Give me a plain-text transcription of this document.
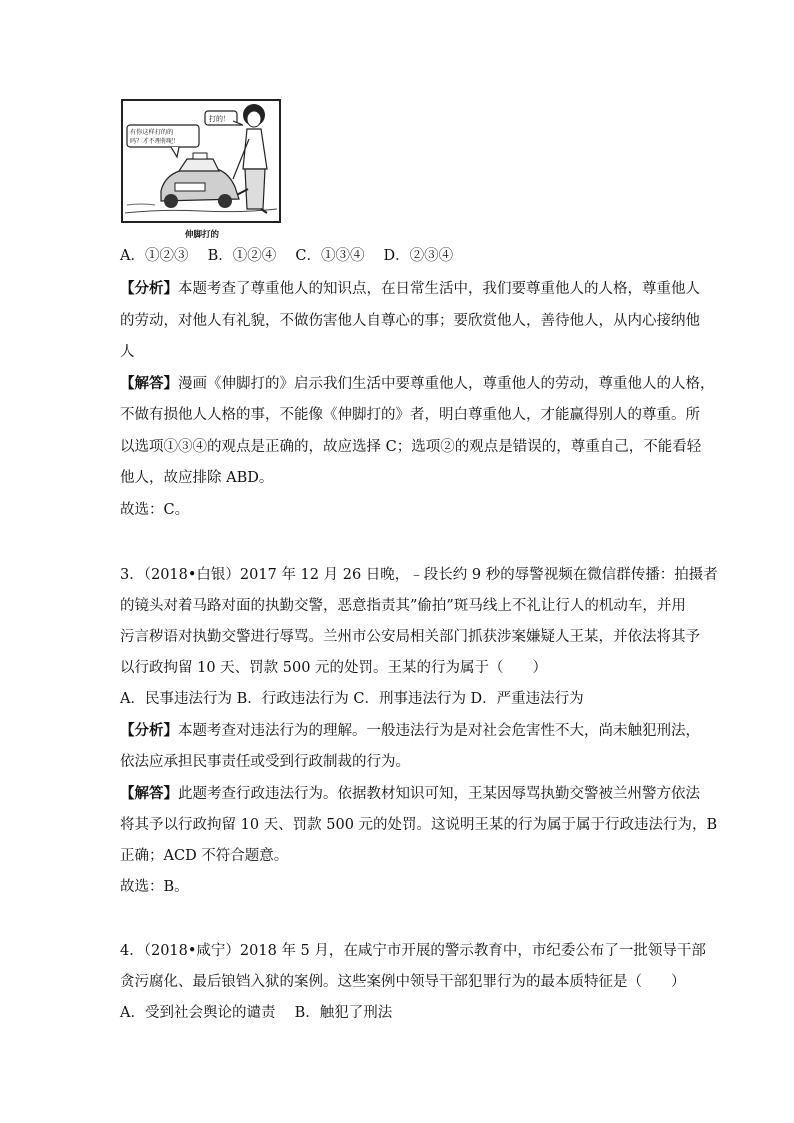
有你这样打的的
吗？才不理你呢！
打的！
伸脚打的
A．①②③　 B．①②④　 C．①③④　 D．②③④
【分析】本题考查了尊重他人的知识点，在日常生活中，我们要尊重他人的人格，尊重他人
的劳动，对他人有礼貌，不做伤害他人自尊心的事；要欣赏他人，善待他人，从内心接纳他
人
【解答】漫画《伸脚打的》启示我们生活中要尊重他人，尊重他人的劳动，尊重他人的人格，
不做有损他人人格的事，不能像《伸脚打的》者，明白尊重他人，才能赢得别人的尊重。所
以选项①③④的观点是正确的，故应选择 C；选项②的观点是错误的，尊重自己，不能看轻
他人，故应排除 ABD。
故选：C。
3．（2018•白银）2017 年 12 月 26 日晚，﹣段长约 9 秒的辱警视频在微信群传播：拍摄者
的镜头对着马路对面的执勤交警，恶意指责其”偷拍”斑马线上不礼让行人的机动车，并用
污言秽语对执勤交警进行辱骂。兰州市公安局相关部门抓获涉案嫌疑人王某，并依法将其予
以行政拘留 10 天、罚款 500 元的处罚。王某的行为属于（　　）
A．民事违法行为 B．行政违法行为 C．刑事违法行为 D．严重违法行为
【分析】本题考查对违法行为的理解。一般违法行为是对社会危害性不大，尚未触犯刑法，
依法应承担民事责任或受到行政制裁的行为。
【解答】此题考查行政违法行为。依据教材知识可知，王某因辱骂执勤交警被兰州警方依法
将其予以行政拘留 10 天、罚款 500 元的处罚。这说明王某的行为属于属于行政违法行为，B
正确；ACD 不符合题意。
故选：B。
4．（2018•咸宁）2018 年 5 月，在咸宁市开展的警示教育中，市纪委公布了一批领导干部
贪污腐化、最后锒铛入狱的案例。这些案例中领导干部犯罪行为的最本质特征是（　　）
A．受到社会舆论的谴责　 B．触犯了刑法
